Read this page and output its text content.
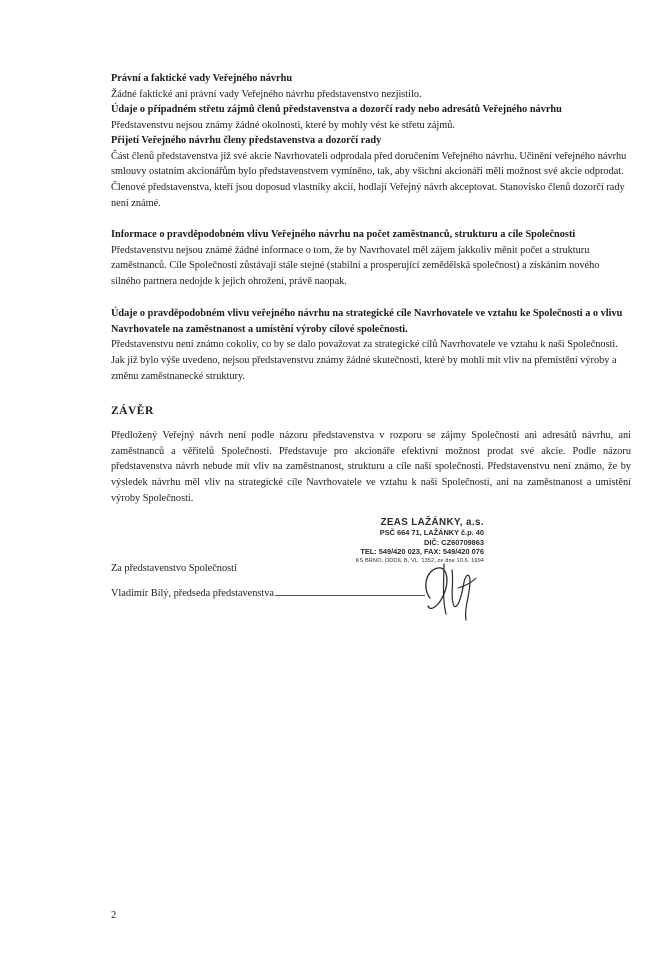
Právní a faktické vady Veřejného návrhu

Žádné faktické ani právní vady Veřejného návrhu představenstvo nezjistilo.

Údaje o případném střetu zájmů členů představenstva a dozorčí rady nebo adresátů Veřejného návrhu

Představenstvu nejsou známy žádné okolnosti, které by mohly vést ke střetu zájmů.

Přijetí Veřejného návrhu členy představenstva a dozorčí rady

Část členů představenstva již své akcie Navrhovateli odprodala před doručením Veřejného návrhu. Učinění veřejného návrhu smlouvy ostatním akcionářům bylo představenstvem vymíněno, tak, aby všichni akcionáři měli možnost své akcie odprodat.

Členové představenstva, kteří jsou doposud vlastníky akcií, hodlají Veřejný návrh akceptovat. Stanovisko členů dozorčí rady není známé.

Informace o pravděpodobném vlivu Veřejného návrhu na počet zaměstnanců, strukturu a cíle Společnosti

Představenstvu nejsou známé žádné informace o tom, že by Navrhovatel měl zájem jakkoliv měnit počet a strukturu zaměstnanců. Cíle Společnosti zůstávají stále stejné (stabilní a prosperující zemědělská společnost) a získáním nového silného partnera nedojde k jejich ohrožení, právě naopak.

Údaje o pravděpodobném vlivu veřejného návrhu na strategické cíle Navrhovatele ve vztahu ke Společnosti a o vlivu Navrhovatele na zaměstnanost a umístění výroby cílové společnosti.

Představenstvu není známo cokoliv, co by se dalo považovat za strategické cílů Navrhovatele ve vztahu k naší Společnosti. Jak již bylo výše uvedeno, nejsou představenstvu známy žádné skutečnosti, které by mohlí mít vliv na přemístění výroby a změnu zaměstnanecké struktury.

ZÁVĚR

Předložený Veřejný návrh není podle názoru představenstva v rozporu se zájmy Společnosti ani adresátů návrhu, ani zaměstnanců a věřitelů Společnosti. Představuje pro akcionáře efektivní možnost prodat své akcie. Podle názoru představenstva návrh nebude mít vliv na zaměstnanost, strukturu a cíle naší společnosti. Představenstvu není známo, že by výsledek návrhu měl vliv na strategické cíle Navrhovatele ve vztahu k naší Společnosti, ani na zaměstnanost a umístění výroby Společnosti.

ZEAS LAŽÁNKY, a.s.
PSČ 664 71, LAŽÁNKY č.p. 40
DIČ: CZ60709863
TEL: 549/420 023, FAX: 549/420 076
KS BRNO, ODDÍL B, VL. 1352, ze dne 10.6. 1994
Za představenstvo Společnosti
Vladimír Bílý, předseda představenstva
2
